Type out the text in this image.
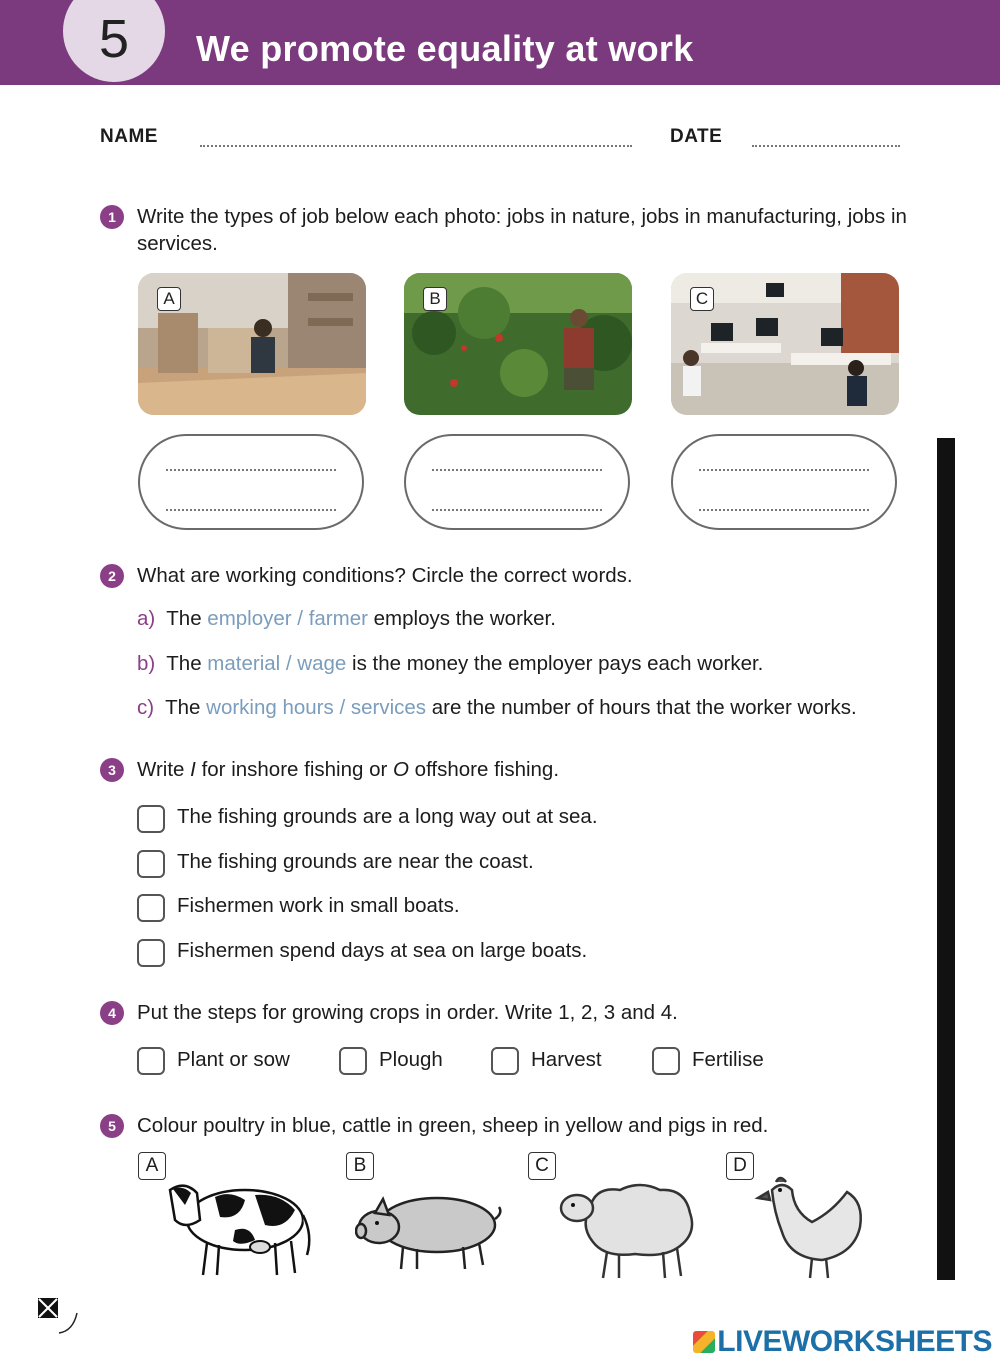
5	We promote equality at work
NAME	DATE
1	Write the types of job below each photo: jobs in nature, jobs in manufacturing, jobs in services.
A	B	C
2	What are working conditions? Circle the correct words.
a) The employer / farmer employs the worker.
b) The material / wage is the money the employer pays each worker.
c) The working hours / services are the number of hours that the worker works.
3	Write I for inshore fishing or O offshore fishing.
The fishing grounds are a long way out at sea.
The fishing grounds are near the coast.
Fishermen work in small boats.
Fishermen spend days at sea on large boats.
4	Put the steps for growing crops in order. Write 1, 2, 3 and 4.
Plant or sow	Plough	Harvest	Fertilise
5	Colour poultry in blue, cattle in green, sheep in yellow and pigs in red.
A	B	C	D
LIVEWORKSHEETS
